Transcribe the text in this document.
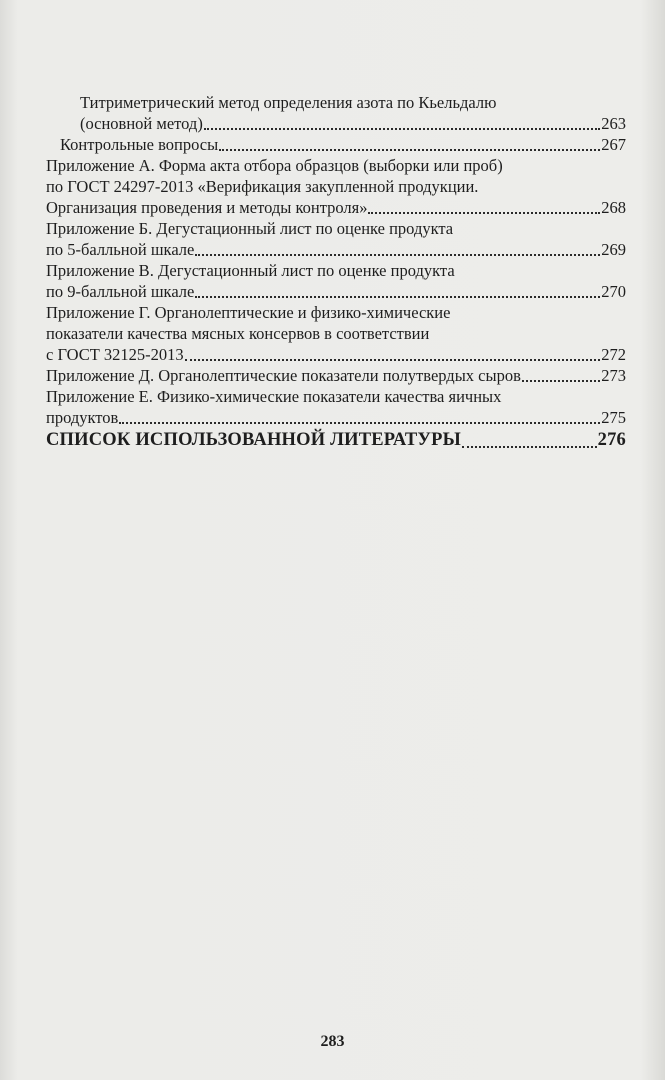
Титриметрический метод определения азота по Кьельдалю
(основной метод)	263
Контрольные вопросы	267
Приложение А. Форма акта отбора образцов (выборки или проб)
по ГОСТ 24297-2013 «Верификация закупленной продукции.
Организация проведения и методы контроля»	268
Приложение Б. Дегустационный лист по оценке продукта
по 5-балльной шкале	269
Приложение В. Дегустационный лист по оценке продукта
по 9-балльной шкале	270
Приложение Г. Органолептические и физико-химические
показатели качества мясных консервов в соответствии
с ГОСТ 32125-2013	272
Приложение Д. Органолептические показатели полутвердых сыров	273
Приложение Е. Физико-химические показатели качества яичных
продуктов	275
СПИСОК ИСПОЛЬЗОВАННОЙ ЛИТЕРАТУРЫ	276
283
